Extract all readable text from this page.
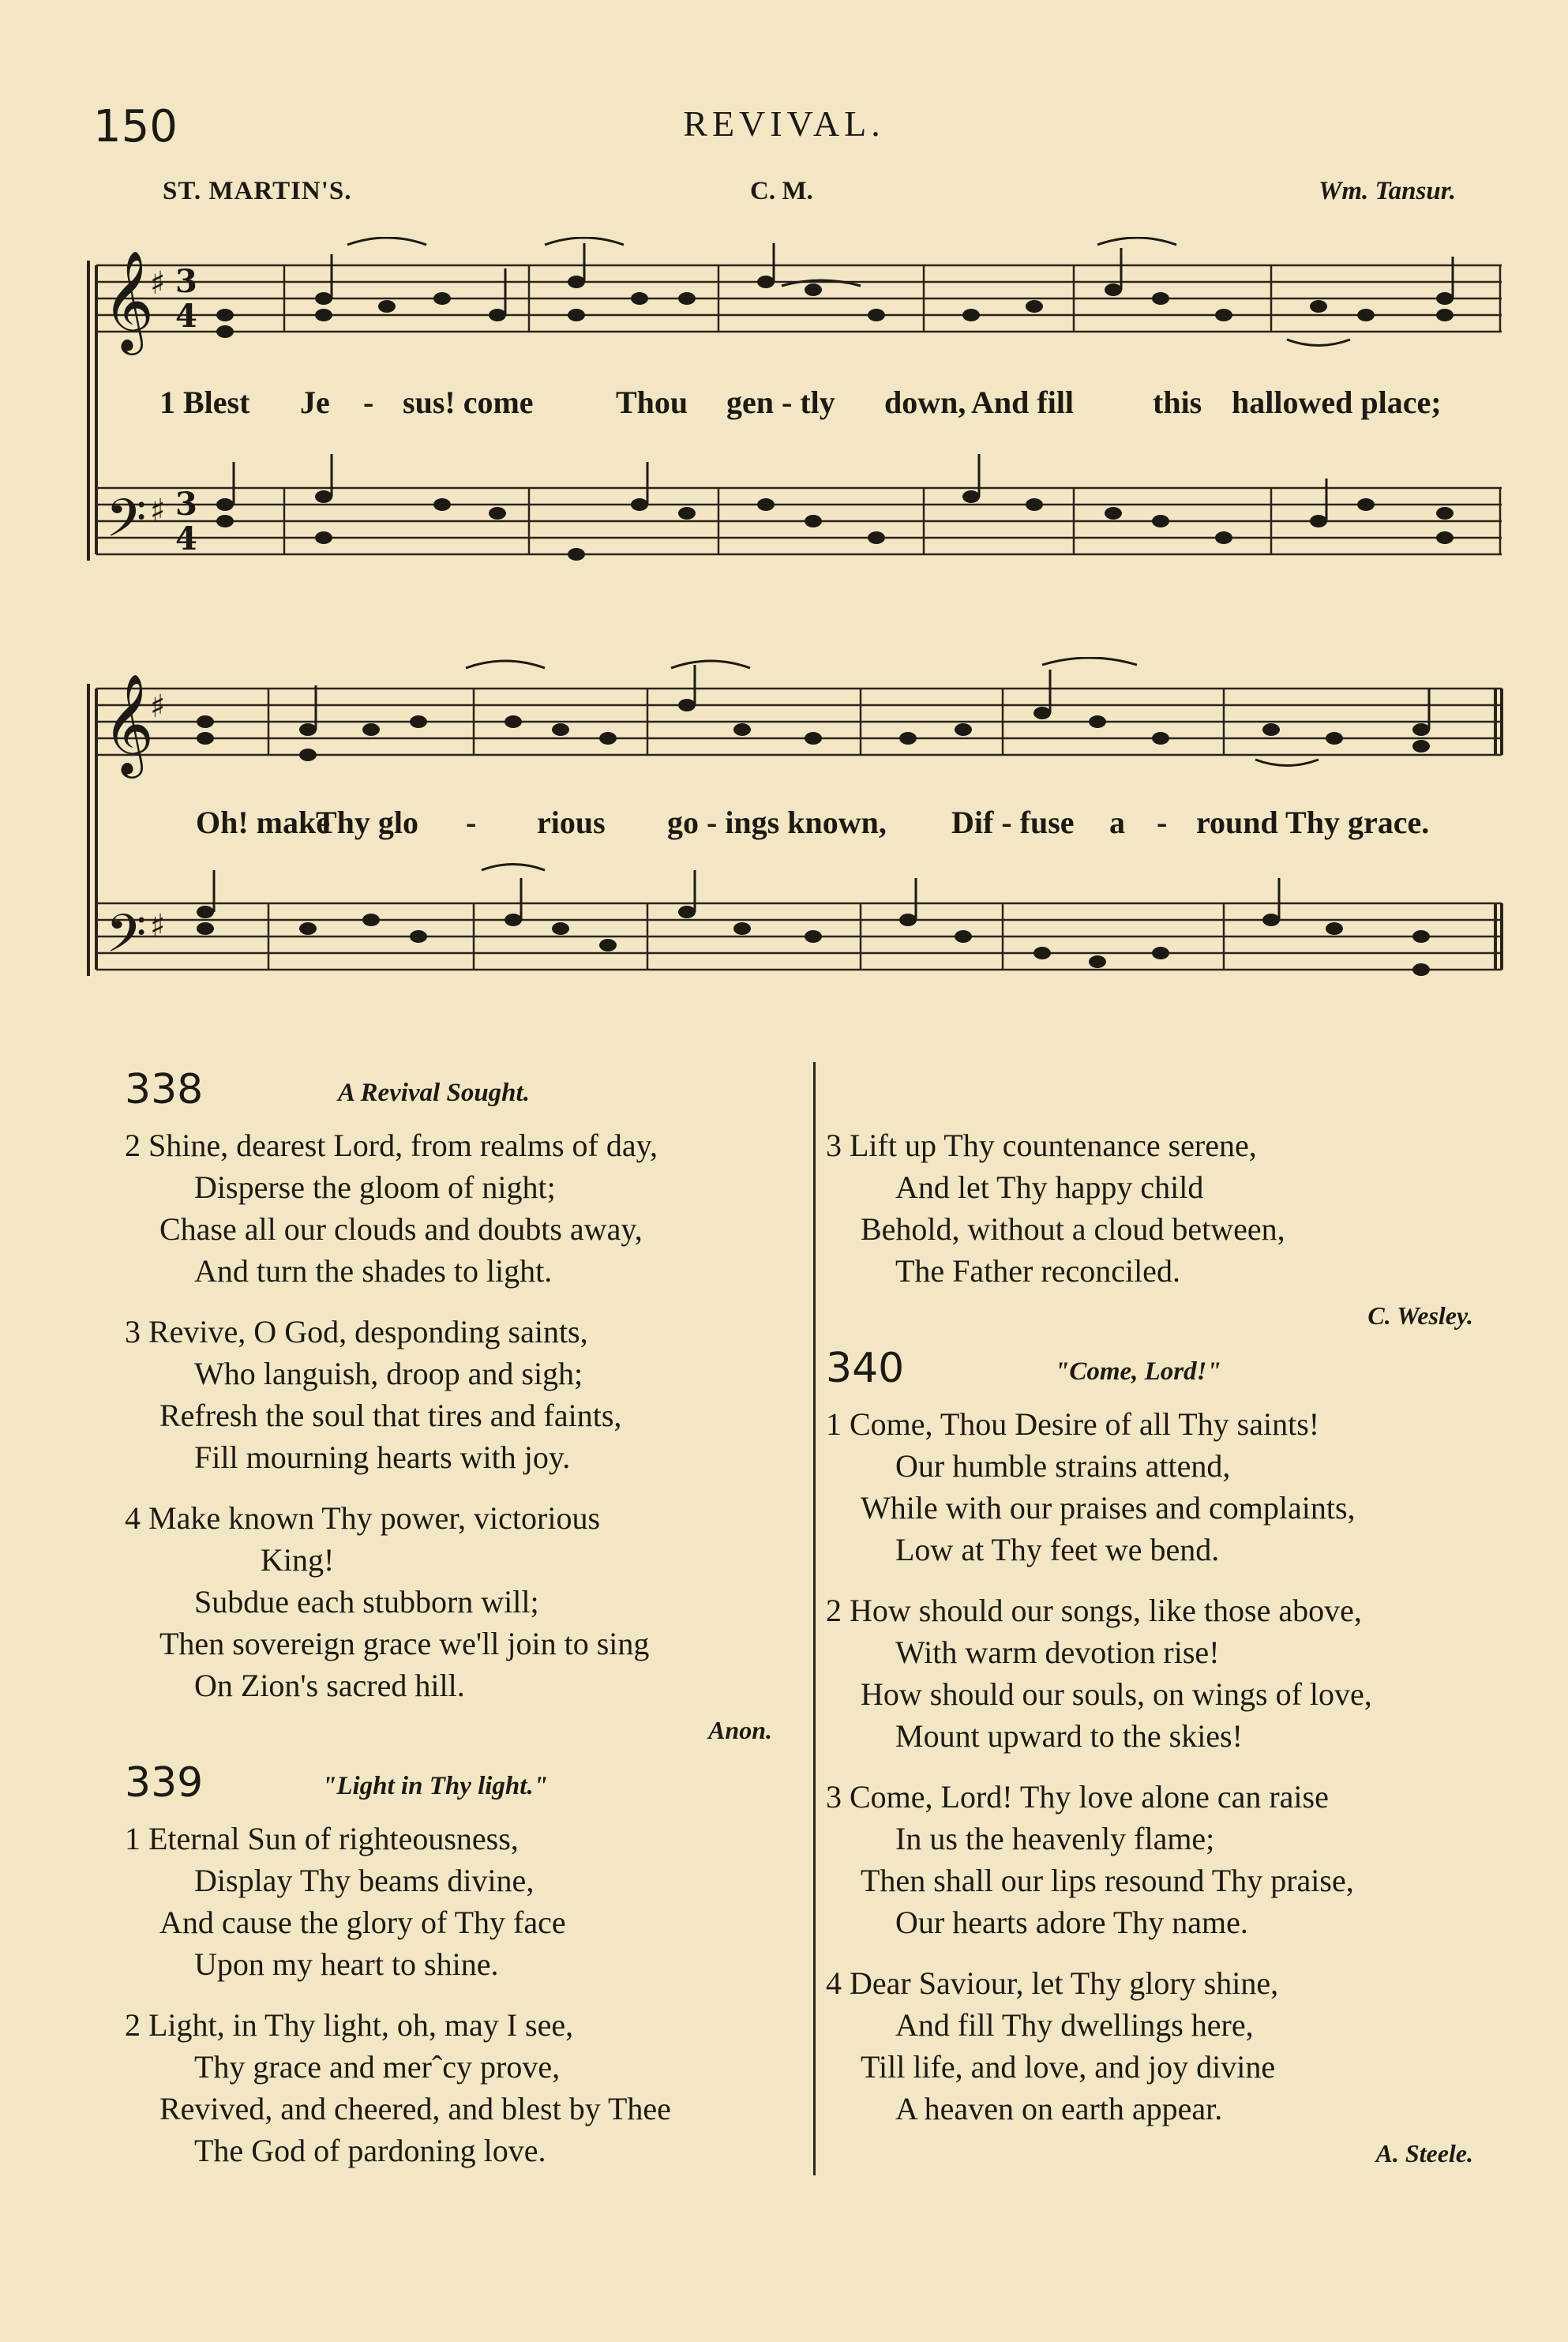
150	REVIVAL.
ST. MARTIN'S.	C. M.	Wm. Tansur.
𝄞
𝄢
♯
♯
3
4
3
4
1 Blest Je - sus! come	Thou gen - tly down, And fill this hallowed place;
𝄞
𝄢
♯
♯
Oh! make
Thy glo - rious go - ings known, Dif - fuse a - round Thy grace.
338	A Revival Sought.
2 Shine, dearest Lord, from realms of day,
Disperse the gloom of night;
Chase all our clouds and doubts away,
And turn the shades to light.
3 Revive, O God, desponding saints,
Who languish, droop and sigh;
Refresh the soul that tires and faints,
Fill mourning hearts with joy.
4 Make known Thy power, victorious
King!
Subdue each stubborn will;
Then sovereign grace we'll join to sing
On Zion's sacred hill.
Anon.
339	"Light in Thy light."
1 Eternal Sun of righteousness,
Display Thy beams divine,
And cause the glory of Thy face
Upon my heart to shine.
2 Light, in Thy light, oh, may I see,
Thy grace and merˆcy prove,
Revived, and cheered, and blest by Thee
The God of pardoning love.
3 Lift up Thy countenance serene,
And let Thy happy child
Behold, without a cloud between,
The Father reconciled.
C. Wesley.
340	"Come, Lord!"
1 Come, Thou Desire of all Thy saints!
Our humble strains attend,
While with our praises and complaints,
Low at Thy feet we bend.
2 How should our songs, like those above,
With warm devotion rise!
How should our souls, on wings of love,
Mount upward to the skies!
3 Come, Lord! Thy love alone can raise
In us the heavenly flame;
Then shall our lips resound Thy praise,
Our hearts adore Thy name.
4 Dear Saviour, let Thy glory shine,
And fill Thy dwellings here,
Till life, and love, and joy divine
A heaven on earth appear.
A. Steele.
